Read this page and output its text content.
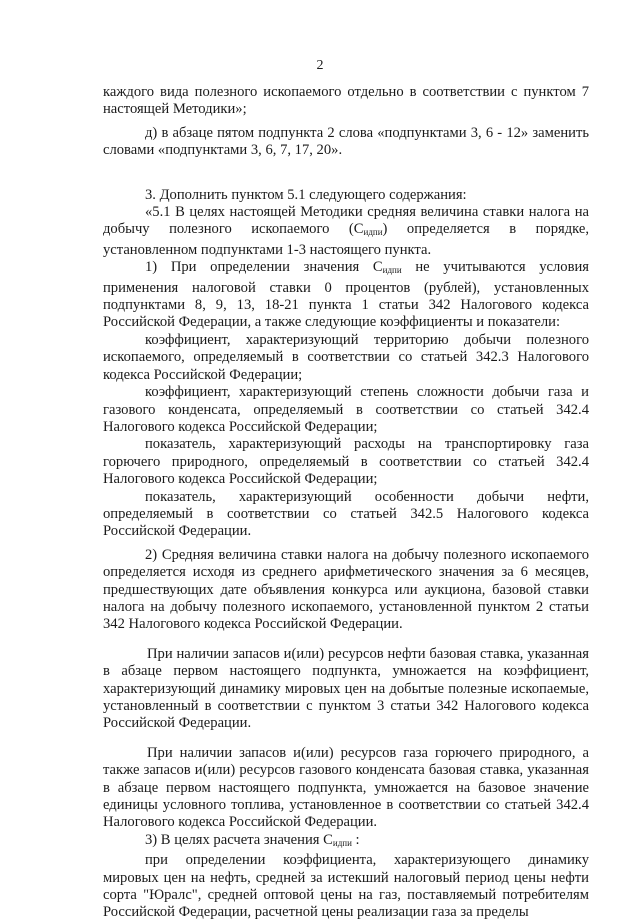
2

каждого вида полезного ископаемого отдельно в соответствии с пунктом 7 настоящей Методики»;

д) в абзаце пятом подпункта 2 слова «подпунктами 3, 6 - 12» заменить словами «подпунктами 3, 6, 7, 17, 20».

3. Дополнить пунктом 5.1 следующего содержания:

«5.1 В целях настоящей Методики средняя величина ставки налога на добычу полезного ископаемого $(С_{идпи})$ определяется в порядке, установленном подпунктами 1-3 настоящего пункта.

1) При определении значения $С_{идпи}$ не учитываются условия применения налоговой ставки 0 процентов (рублей), установленных подпунктами 8, 9, 13, 18-21 пункта 1 статьи 342 Налогового кодекса Российской Федерации, а также следующие коэффициенты и показатели:

коэффициент, характеризующий территорию добычи полезного ископаемого, определяемый в соответствии со статьей 342.3 Налогового кодекса Российской Федерации;

коэффициент, характеризующий степень сложности добычи газа и газового конденсата, определяемый в соответствии со статьей 342.4 Налогового кодекса Российской Федерации;

показатель, характеризующий расходы на транспортировку газа горючего природного, определяемый в соответствии со статьей 342.4 Налогового кодекса Российской Федерации;

показатель, характеризующий особенности добычи нефти, определяемый в соответствии со статьей 342.5 Налогового кодекса Российской Федерации.

2) Средняя величина ставки налога на добычу полезного ископаемого определяется исходя из среднего арифметического значения за 6 месяцев, предшествующих дате объявления конкурса или аукциона, базовой ставки налога на добычу полезного ископаемого, установленной пунктом 2 статьи 342 Налогового кодекса Российской Федерации.

При наличии запасов и(или) ресурсов нефти базовая ставка, указанная в абзаце первом настоящего подпункта, умножается на коэффициент, характеризующий динамику мировых цен на добытые полезные ископаемые, установленный в соответствии с пунктом 3 статьи 342 Налогового кодекса Российской Федерации.

При наличии запасов и(или) ресурсов газа горючего природного, а также запасов и(или) ресурсов газового конденсата базовая ставка, указанная в абзаце первом настоящего подпункта, умножается на базовое значение единицы условного топлива, установленное в соответствии со статьей 342.4 Налогового кодекса Российской Федерации.

3) В целях расчета значения $С_{идпи}$ :

при определении коэффициента, характеризующего динамику мировых цен на нефть, средней за истекший налоговый период цены нефти сорта "Юралс", средней оптовой цены на газ, поставляемый потребителям Российской Федерации, расчетной цены реализации газа за пределы
